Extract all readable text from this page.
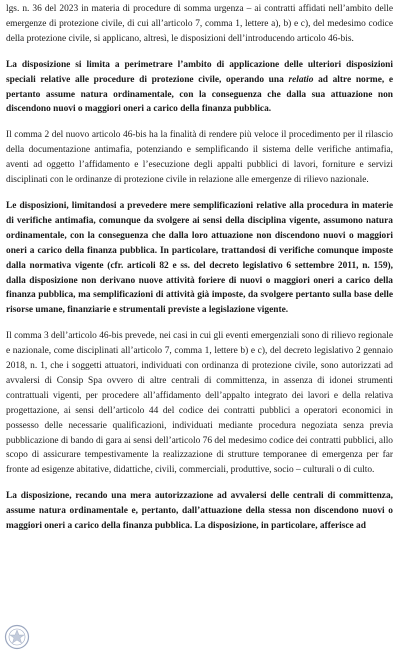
lgs. n. 36 del 2023 in materia di procedure di somma urgenza – ai contratti affidati nell’ambito delle emergenze di protezione civile, di cui all’articolo 7, comma 1, lettere a), b) e c), del medesimo codice della protezione civile, si applicano, altresì, le disposizioni dell’introducendo articolo 46-bis.

La disposizione si limita a perimetrare l’ambito di applicazione delle ulteriori disposizioni speciali relative alle procedure di protezione civile, operando una relatio ad altre norme, e pertanto assume natura ordinamentale, con la conseguenza che dalla sua attuazione non discendono nuovi o maggiori oneri a carico della finanza pubblica.

Il comma 2 del nuovo articolo 46-bis ha la finalità di rendere più veloce il procedimento per il rilascio della documentazione antimafia, potenziando e semplificando il sistema delle verifiche antimafia, aventi ad oggetto l’affidamento e l’esecuzione degli appalti pubblici di lavori, forniture e servizi disciplinati con le ordinanze di protezione civile in relazione alle emergenze di rilievo nazionale.

Le disposizioni, limitandosi a prevedere mere semplificazioni relative alla procedura in materie di verifiche antimafia, comunque da svolgere ai sensi della disciplina vigente, assumono natura ordinamentale, con la conseguenza che dalla loro attuazione non discendono nuovi o maggiori oneri a carico della finanza pubblica. In particolare, trattandosi di verifiche comunque imposte dalla normativa vigente (cfr. articoli 82 e ss. del decreto legislativo 6 settembre 2011, n. 159), dalla disposizione non derivano nuove attività foriere di nuovi o maggiori oneri a carico della finanza pubblica, ma semplificazioni di attività già imposte, da svolgere pertanto sulla base delle risorse umane, finanziarie e strumentali previste a legislazione vigente.

Il comma 3 dell’articolo 46-bis prevede, nei casi in cui gli eventi emergenziali sono di rilievo regionale e nazionale, come disciplinati all’articolo 7, comma 1, lettere b) e c), del decreto legislativo 2 gennaio 2018, n. 1, che i soggetti attuatori, individuati con ordinanza di protezione civile, sono autorizzati ad avvalersi di Consip Spa ovvero di altre centrali di committenza, in assenza di idonei strumenti contrattuali vigenti, per procedere all’affidamento dell’appalto integrato dei lavori e della relativa progettazione, ai sensi dell’articolo 44 del codice dei contratti pubblici a operatori economici in possesso delle necessarie qualificazioni, individuati mediante procedura negoziata senza previa pubblicazione di bando di gara ai sensi dell’articolo 76 del medesimo codice dei contratti pubblici, allo scopo di assicurare tempestivamente la realizzazione di strutture temporanee di emergenza per far fronte ad esigenze abitative, didattiche, civili, commerciali, produttive, socio – culturali o di culto.

La disposizione, recando una mera autorizzazione ad avvalersi delle centrali di committenza, assume natura ordinamentale e, pertanto, dall’attuazione della stessa non discendono nuovi o maggiori oneri a carico della finanza pubblica. La disposizione, in particolare, afferisce ad
